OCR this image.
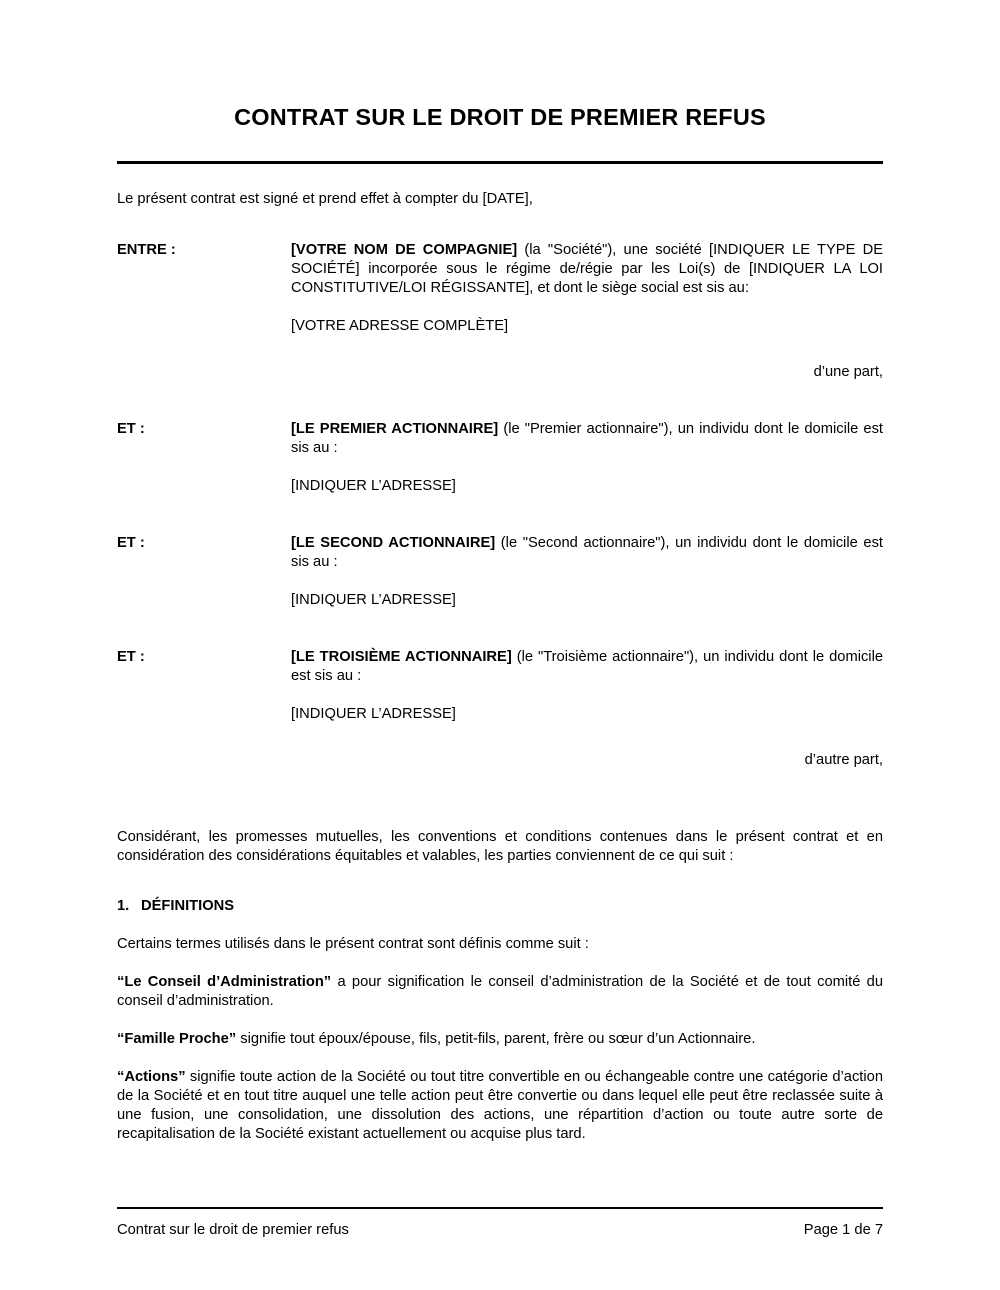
CONTRAT SUR LE DROIT DE PREMIER REFUS

Le présent contrat est signé et prend effet à compter du [DATE],

ENTRE :	[VOTRE NOM DE COMPAGNIE] (la "Société"), une société [INDIQUER LE TYPE DE SOCIÉTÉ] incorporée sous le régime de/régie par les Loi(s) de [INDIQUER LA LOI CONSTITUTIVE/LOI RÉGISSANTE], et dont le siège social est sis au:
[VOTRE ADRESSE COMPLÈTE]
d’une part,
ET :	[LE PREMIER ACTIONNAIRE] (le "Premier actionnaire"), un individu dont le domicile est sis au :
[INDIQUER L’ADRESSE]
ET :	[LE SECOND ACTIONNAIRE] (le "Second actionnaire"), un individu dont le domicile est sis au :
[INDIQUER L’ADRESSE]
ET :	[LE TROISIÈME ACTIONNAIRE] (le "Troisième actionnaire"), un individu dont le domicile est sis au :
[INDIQUER L’ADRESSE]
d’autre part,

Considérant, les promesses mutuelles, les conventions et conditions contenues dans le présent contrat et en considération des considérations équitables et valables, les parties conviennent de ce qui suit :

1. DÉFINITIONS

Certains termes utilisés dans le présent contrat sont définis comme suit :

“Le Conseil d’Administration” a pour signification le conseil d’administration de la Société et de tout comité du conseil d’administration.

“Famille Proche” signifie tout époux/épouse, fils, petit-fils, parent, frère ou sœur d’un Actionnaire.

“Actions” signifie toute action de la Société ou tout titre convertible en ou échangeable contre une catégorie d’action de la Société et en tout titre auquel une telle action peut être convertie ou dans lequel elle peut être reclassée suite à une fusion, une consolidation, une dissolution des actions, une répartition d’action ou toute autre sorte de recapitalisation de la Société existant actuellement ou acquise plus tard.

Contrat sur le droit de premier refus	Page 1 de 7
